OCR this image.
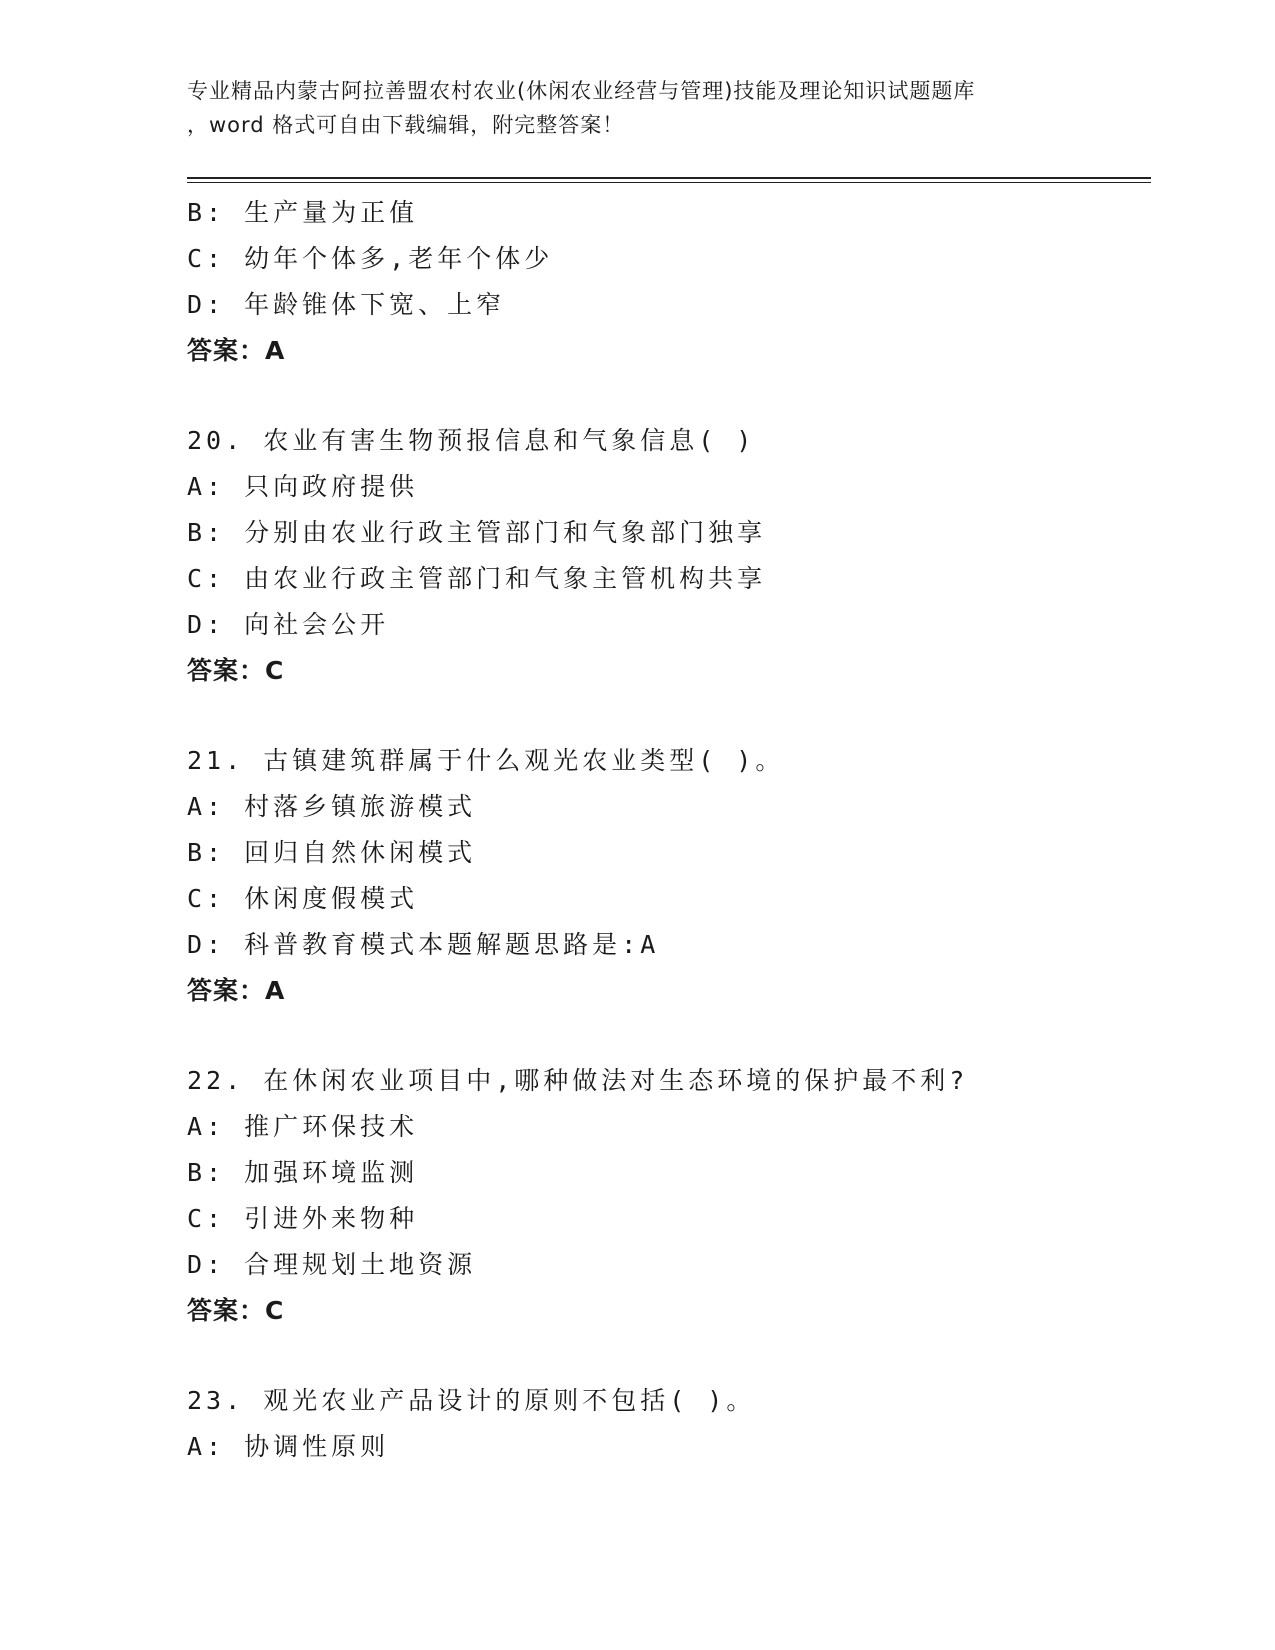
专业精品内蒙古阿拉善盟农村农业(休闲农业经营与管理)技能及理论知识试题题库
，word 格式可自由下载编辑，附完整答案！
B: 生产量为正值
C: 幼年个体多,老年个体少
D: 年龄锥体下宽、上窄
答案：A
20. 农业有害生物预报信息和气象信息( )
A: 只向政府提供
B: 分别由农业行政主管部门和气象部门独享
C: 由农业行政主管部门和气象主管机构共享
D: 向社会公开
答案：C
21. 古镇建筑群属于什么观光农业类型( )。
A: 村落乡镇旅游模式
B: 回归自然休闲模式
C: 休闲度假模式
D: 科普教育模式本题解题思路是:A
答案：A
22. 在休闲农业项目中,哪种做法对生态环境的保护最不利?
A: 推广环保技术
B: 加强环境监测
C: 引进外来物种
D: 合理规划土地资源
答案：C
23. 观光农业产品设计的原则不包括( )。
A: 协调性原则
